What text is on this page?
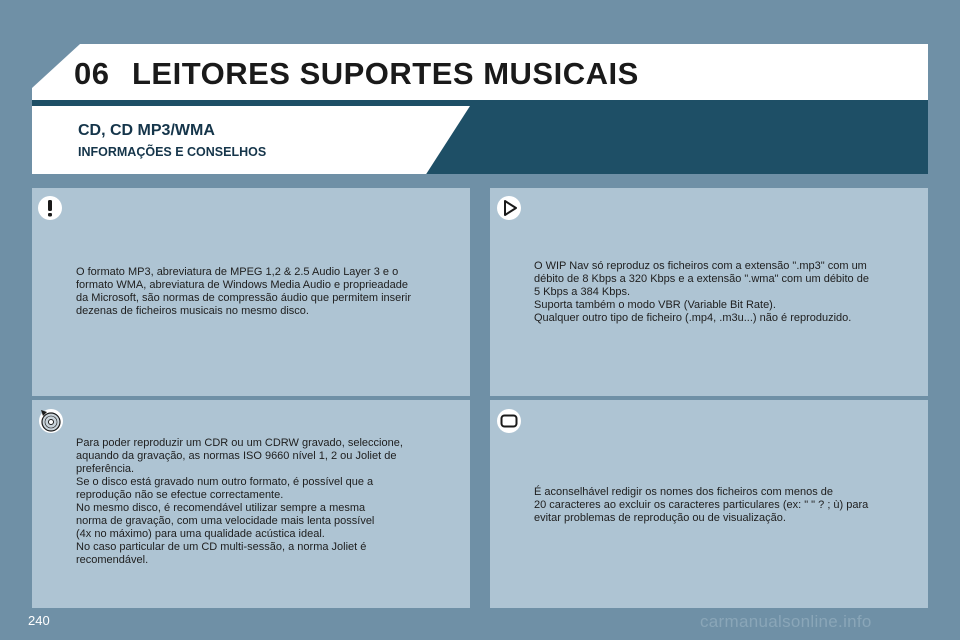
06 LEITORES SUPORTES MUSICAIS
CD, CD MP3/WMA
INFORMAÇÕES E CONSELHOS

O formato MP3, abreviatura de MPEG 1,2 & 2.5 Audio Layer 3 e o
formato WMA, abreviatura de Windows Media Audio e proprieadade
da Microsoft, são normas de compressão áudio que permitem inserir
dezenas de ficheiros musicais no mesmo disco.

O WIP Nav só reproduz os ficheiros com a extensão ".mp3" com um
débito de 8 Kbps a 320 Kbps e a extensão ".wma" com um débito de
5 Kbps a 384 Kbps.
Suporta também o modo VBR (Variable Bit Rate).
Qualquer outro tipo de ficheiro (.mp4, .m3u...) não é reproduzido.

Para poder reproduzir um CDR ou um CDRW gravado, seleccione,
aquando da gravação, as normas ISO 9660 nível 1, 2 ou Joliet de
preferência.
Se o disco está gravado num outro formato, é possível que a
reprodução não se efectue correctamente.
No mesmo disco, é recomendável utilizar sempre a mesma
norma de gravação, com uma velocidade mais lenta possível
(4x no máximo) para uma qualidade acústica ideal.
No caso particular de um CD multi-sessão, a norma Joliet é
recomendável.

É aconselhável redigir os nomes dos ficheiros com menos de
20 caracteres ao excluir os caracteres particulares (ex: " " ? ; ù) para
evitar problemas de reprodução ou de visualização.

240	carmanualsonline.info
